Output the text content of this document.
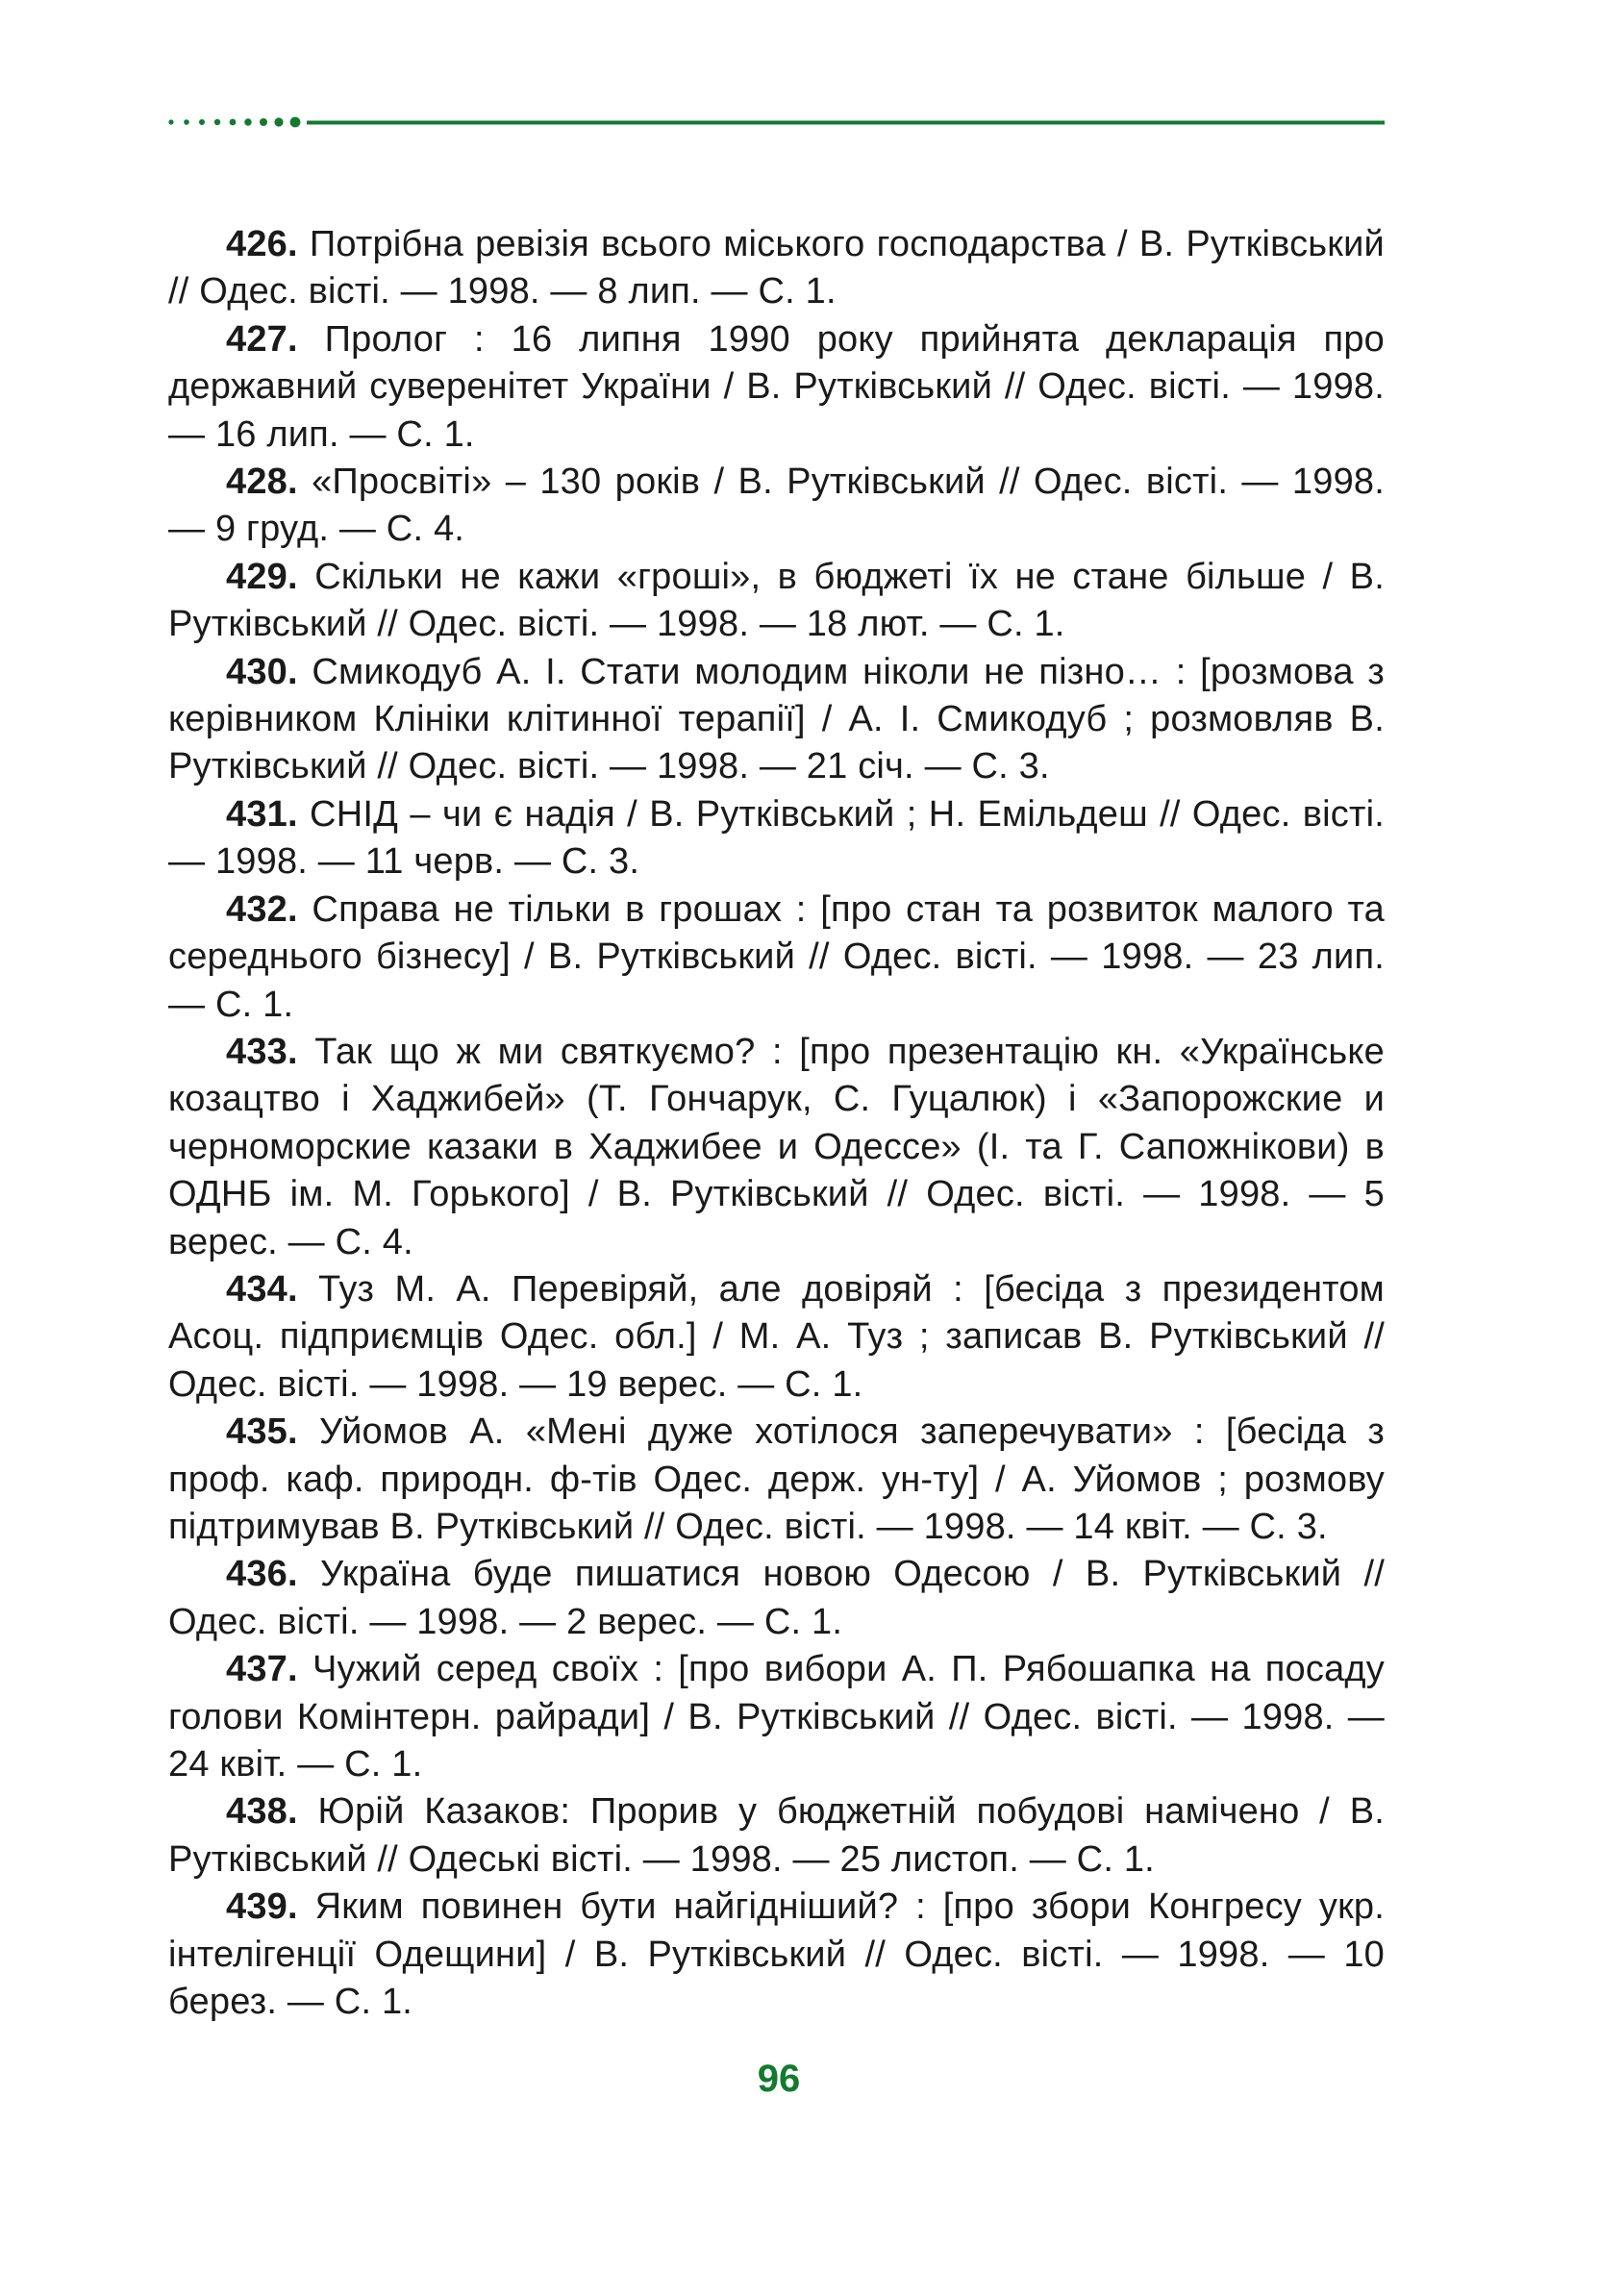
426. Потрібна ревізія всього міського господарства / В. Рутківський // Одес. вісті. — 1998. — 8 лип. — С. 1.

427. Пролог : 16 липня 1990 року прийнята декларація про державний суверенітет України / В. Рутківський // Одес. вісті. — 1998. — 16 лип. — С. 1.

428. «Просвіті» – 130 років / В. Рутківський // Одес. вісті. — 1998. — 9 груд. — С. 4.

429. Скільки не кажи «гроші», в бюджеті їх не стане більше / В. Рутківський // Одес. вісті. — 1998. — 18 лют. — С. 1.

430. Смикодуб А. І. Стати молодим ніколи не пізно… : [розмова з керівником Клініки клітинної терапії] / А. І. Смикодуб ; розмовляв В. Рутківський // Одес. вісті. — 1998. — 21 січ. — С. 3.

431. СНІД – чи є надія / В. Рутківський ; Н. Емільдеш // Одес. вісті. — 1998. — 11 черв. — С. 3.

432. Справа не тільки в грошах : [про стан та розвиток малого та середнього бізнесу] / В. Рутківський // Одес. вісті. — 1998. — 23 лип. — С. 1.

433. Так що ж ми святкуємо? : [про презентацію кн. «Українське козацтво і Хаджибей» (Т. Гончарук, С. Гуцалюк) і «Запорожские и черноморские казаки в Хаджибее и Одессе» (І. та Г. Сапожнікови) в ОДНБ ім. М. Горького] / В. Рутківський // Одес. вісті. — 1998. — 5 верес. — С. 4.

434. Туз М. А. Перевіряй, але довіряй : [бесіда з президентом Асоц. підприємців Одес. обл.] / М. А. Туз ; записав В. Рутківський // Одес. вісті. — 1998. — 19 верес. — С. 1.

435. Уйомов А. «Мені дуже хотілося заперечувати» : [бесіда з проф. каф. природн. ф-тів Одес. держ. ун-ту] / А. Уйомов ; розмову підтримував В. Рутківський // Одес. вісті. — 1998. — 14 квіт. — С. 3.

436. Україна буде пишатися новою Одесою / В. Рутківський // Одес. вісті. — 1998. — 2 верес. — С. 1.

437. Чужий серед своїх : [про вибори А. П. Рябошапка на посаду голови Комінтерн. райради] / В. Рутківський // Одес. вісті. — 1998. — 24 квіт. — С. 1.

438. Юрій Казаков: Прорив у бюджетній побудові намічено / В. Рутківський // Одеські вісті. — 1998. — 25 листоп. — С. 1.

439. Яким повинен бути найгідніший? : [про збори Конгресу укр. інтелігенції Одещини] / В. Рутківський // Одес. вісті. — 1998. — 10 берез. — С. 1.

96
